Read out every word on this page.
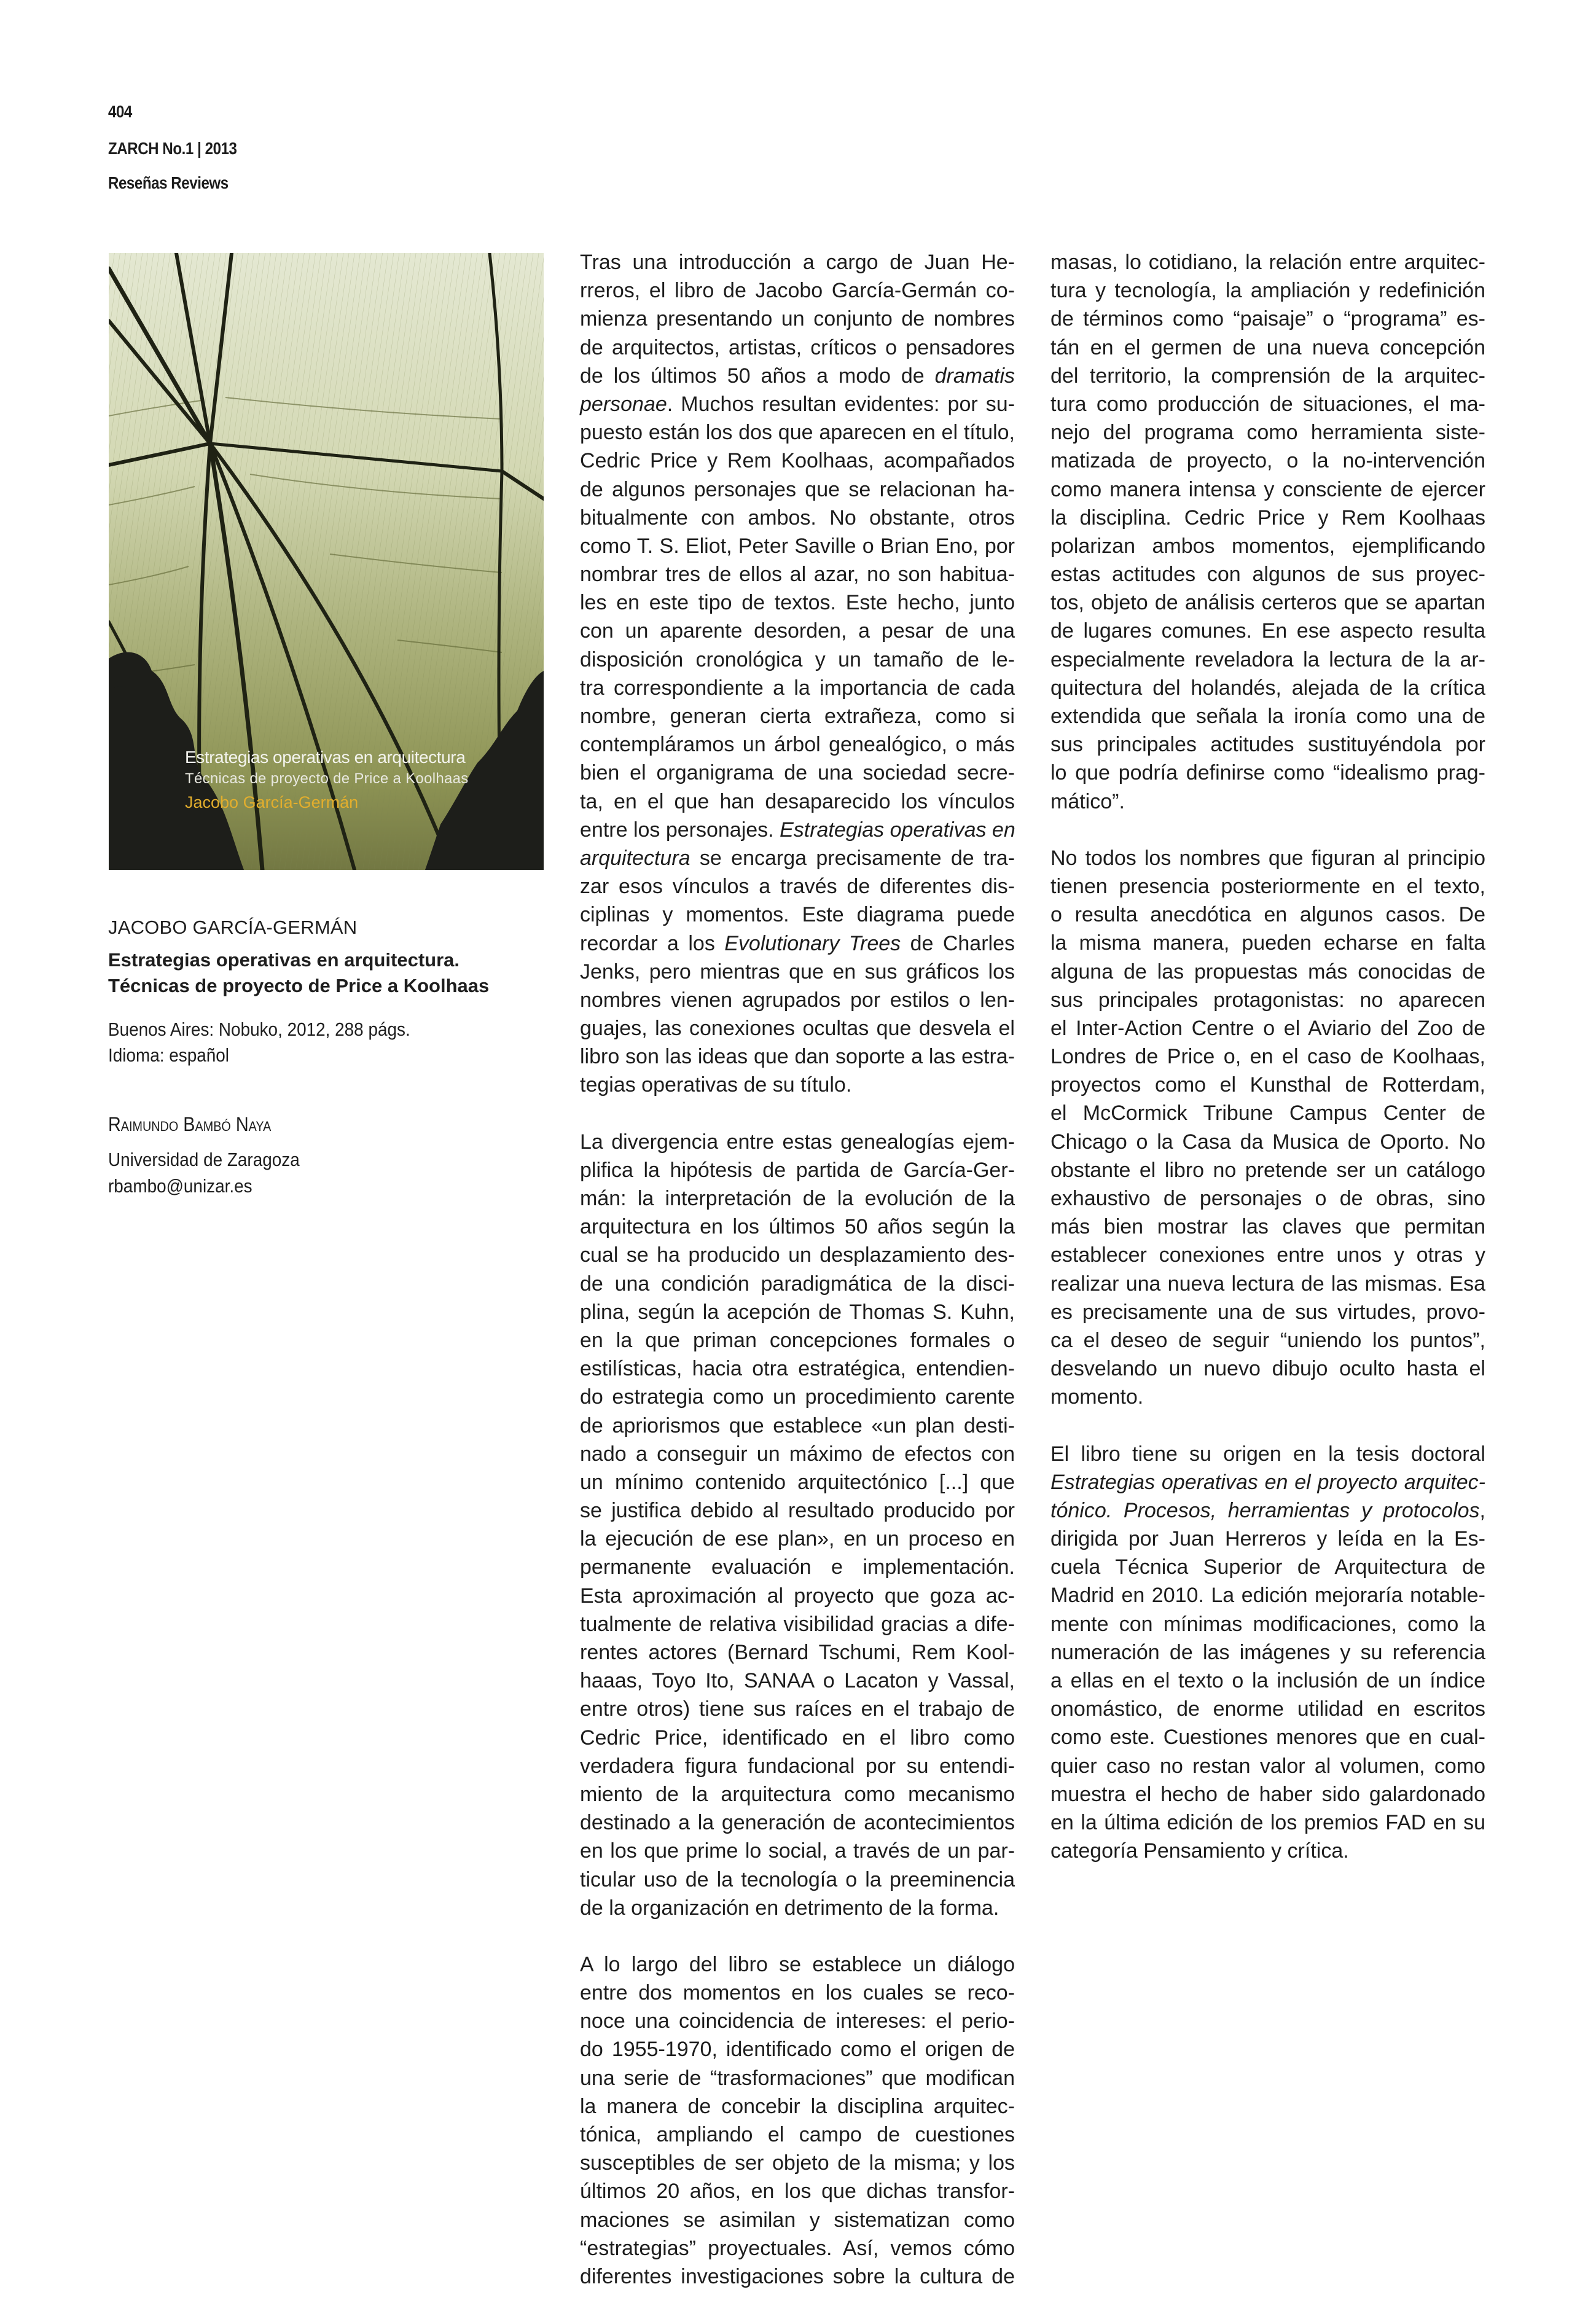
404
ZARCH No.1 | 2013
Reseñas Reviews
Estrategias operativas en arquitectura
Técnicas de proyecto de Price a Koolhaas
Jacobo García-Germán
JACOBO GARCÍA-GERMÁN
Estrategias operativas en arquitectura.
Técnicas de proyecto de Price a Koolhaas
Buenos Aires: Nobuko, 2012, 288 págs.
Idioma: español
Raimundo Bambó Naya
Universidad de Zaragoza
rbambo@unizar.es
Tras una introducción a cargo de Juan He-
rreros, el libro de Jacobo García-Germán co-
mienza presentando un conjunto de nombres
de arquitectos, artistas, críticos o pensadores
de los últimos 50 años a modo de dramatis
personae. Muchos resultan evidentes: por su-
puesto están los dos que aparecen en el título,
Cedric Price y Rem Koolhaas, acompañados
de algunos personajes que se relacionan ha-
bitualmente con ambos. No obstante, otros
como T. S. Eliot, Peter Saville o Brian Eno, por
nombrar tres de ellos al azar, no son habitua-
les en este tipo de textos. Este hecho, junto
con un aparente desorden, a pesar de una
disposición cronológica y un tamaño de le-
tra correspondiente a la importancia de cada
nombre, generan cierta extrañeza, como si
contempláramos un árbol genealógico, o más
bien el organigrama de una sociedad secre-
ta, en el que han desaparecido los vínculos
entre los personajes. Estrategias operativas en
arquitectura se encarga precisamente de tra-
zar esos vínculos a través de diferentes dis-
ciplinas y momentos. Este diagrama puede
recordar a los Evolutionary Trees de Charles
Jenks, pero mientras que en sus gráficos los
nombres vienen agrupados por estilos o len-
guajes, las conexiones ocultas que desvela el
libro son las ideas que dan soporte a las estra-
tegias operativas de su título.
La divergencia entre estas genealogías ejem-
plifica la hipótesis de partida de García-Ger-
mán: la interpretación de la evolución de la
arquitectura en los últimos 50 años según la
cual se ha producido un desplazamiento des-
de una condición paradigmática de la disci-
plina, según la acepción de Thomas S. Kuhn,
en la que priman concepciones formales o
estilísticas, hacia otra estratégica, entendien-
do estrategia como un procedimiento carente
de apriorismos que establece «un plan desti-
nado a conseguir un máximo de efectos con
un mínimo contenido arquitectónico [...] que
se justifica debido al resultado producido por
la ejecución de ese plan», en un proceso en
permanente evaluación e implementación.
Esta aproximación al proyecto que goza ac-
tualmente de relativa visibilidad gracias a dife-
rentes actores (Bernard Tschumi, Rem Kool-
haaas, Toyo Ito, SANAA o Lacaton y Vassal,
entre otros) tiene sus raíces en el trabajo de
Cedric Price, identificado en el libro como
verdadera figura fundacional por su entendi-
miento de la arquitectura como mecanismo
destinado a la generación de acontecimientos
en los que prime lo social, a través de un par-
ticular uso de la tecnología o la preeminencia
de la organización en detrimento de la forma.
A lo largo del libro se establece un diálogo
entre dos momentos en los cuales se reco-
noce una coincidencia de intereses: el perio-
do 1955-1970, identificado como el origen de
una serie de “trasformaciones” que modifican
la manera de concebir la disciplina arquitec-
tónica, ampliando el campo de cuestiones
susceptibles de ser objeto de la misma; y los
últimos 20 años, en los que dichas transfor-
maciones se asimilan y sistematizan como
“estrategias” proyectuales. Así, vemos cómo
diferentes investigaciones sobre la cultura de
masas, lo cotidiano, la relación entre arquitec-
tura y tecnología, la ampliación y redefinición
de términos como “paisaje” o “programa” es-
tán en el germen de una nueva concepción
del territorio, la comprensión de la arquitec-
tura como producción de situaciones, el ma-
nejo del programa como herramienta siste-
matizada de proyecto, o la no-intervención
como manera intensa y consciente de ejercer
la disciplina. Cedric Price y Rem Koolhaas
polarizan ambos momentos, ejemplificando
estas actitudes con algunos de sus proyec-
tos, objeto de análisis certeros que se apartan
de lugares comunes. En ese aspecto resulta
especialmente reveladora la lectura de la ar-
quitectura del holandés, alejada de la crítica
extendida que señala la ironía como una de
sus principales actitudes sustituyéndola por
lo que podría definirse como “idealismo prag-
mático”.
No todos los nombres que figuran al principio
tienen presencia posteriormente en el texto,
o resulta anecdótica en algunos casos. De
la misma manera, pueden echarse en falta
alguna de las propuestas más conocidas de
sus principales protagonistas: no aparecen
el Inter-Action Centre o el Aviario del Zoo de
Londres de Price o, en el caso de Koolhaas,
proyectos como el Kunsthal de Rotterdam,
el McCormick Tribune Campus Center de
Chicago o la Casa da Musica de Oporto. No
obstante el libro no pretende ser un catálogo
exhaustivo de personajes o de obras, sino
más bien mostrar las claves que permitan
establecer conexiones entre unos y otras y
realizar una nueva lectura de las mismas. Esa
es precisamente una de sus virtudes, provo-
ca el deseo de seguir “uniendo los puntos”,
desvelando un nuevo dibujo oculto hasta el
momento.
El libro tiene su origen en la tesis doctoral
Estrategias operativas en el proyecto arquitec-
tónico. Procesos, herramientas y protocolos,
dirigida por Juan Herreros y leída en la Es-
cuela Técnica Superior de Arquitectura de
Madrid en 2010. La edición mejoraría notable-
mente con mínimas modificaciones, como la
numeración de las imágenes y su referencia
a ellas en el texto o la inclusión de un índice
onomástico, de enorme utilidad en escritos
como este. Cuestiones menores que en cual-
quier caso no restan valor al volumen, como
muestra el hecho de haber sido galardonado
en la última edición de los premios FAD en su
categoría Pensamiento y crítica.
